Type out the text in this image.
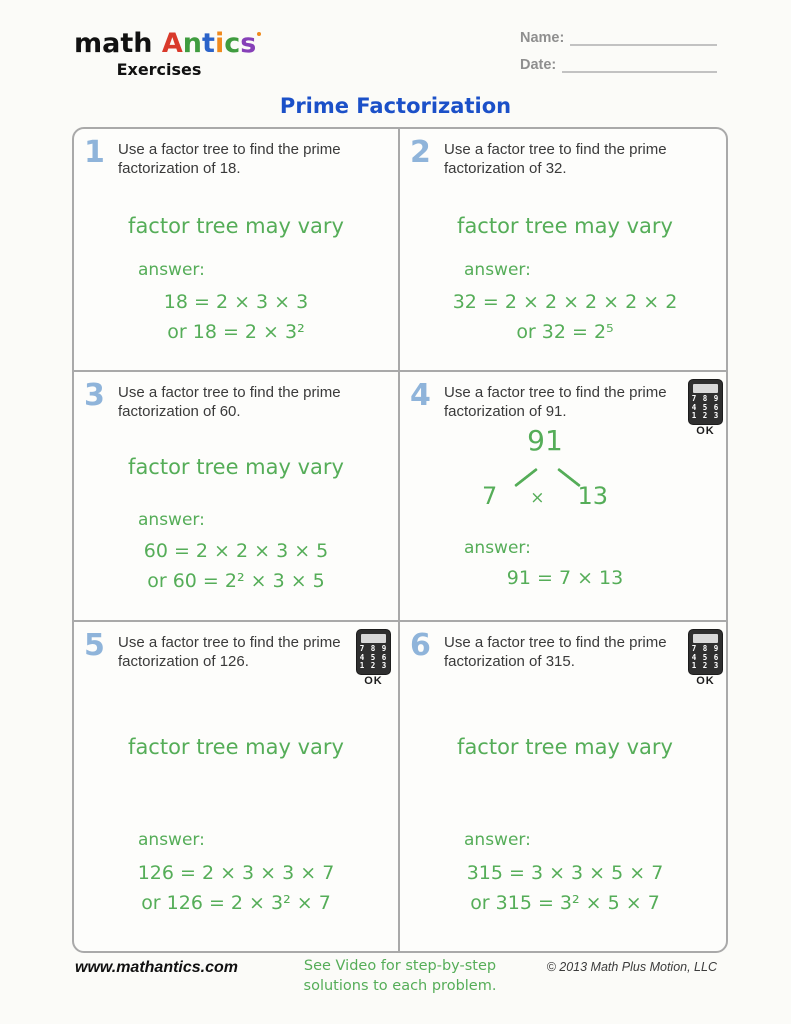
math Antics
Exercises
Name:
Date:
Prime Factorization
1 Use a factor tree to find the prime factorization of 18.
factor tree may vary
answer:
18 = 2 × 3 × 3
or 18 = 2 × 3²
2 Use a factor tree to find the prime factorization of 32.
factor tree may vary
answer:
32 = 2 × 2 × 2 × 2 × 2
or 32 = 2⁵
3 Use a factor tree to find the prime factorization of 60.
factor tree may vary
answer:
60 = 2 × 2 × 3 × 5
or 60 = 2² × 3 × 5
4 Use a factor tree to find the prime factorization of 91.
7 8 9
4 5 6
1 2 3
OK
91
7 × 13
answer:
91 = 7 × 13
5 Use a factor tree to find the prime factorization of 126.
7 8 9
4 5 6
1 2 3
OK
factor tree may vary
answer:
126 = 2 × 3 × 3 × 7
or 126 = 2 × 3² × 7
6 Use a factor tree to find the prime factorization of 315.
7 8 9
4 5 6
1 2 3
OK
factor tree may vary
answer:
315 = 3 × 3 × 5 × 7
or 315 = 3² × 5 × 7
www.mathantics.com	See Video for step-by-step
solutions to each problem.
© 2013 Math Plus Motion, LLC
